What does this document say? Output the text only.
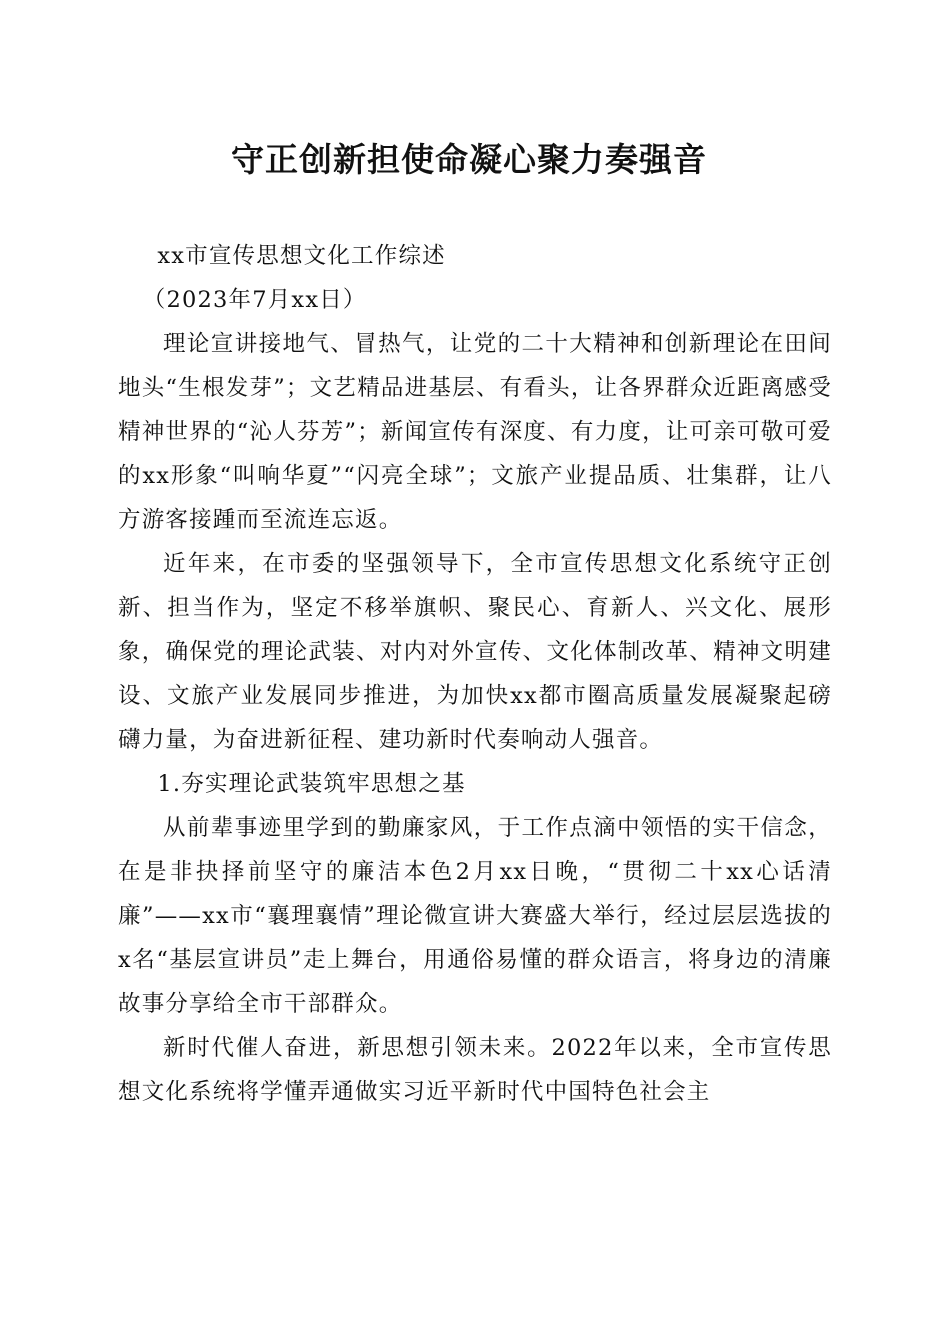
守正创新担使命凝心聚力奏强音

xx市宣传思想文化工作综述

（2023年7月xx日）

理论宣讲接地气、冒热气，让党的二十大精神和创新理论在田间地头“生根发芽”；文艺精品进基层、有看头，让各界群众近距离感受精神世界的“沁人芬芳”；新闻宣传有深度、有力度，让可亲可敬可爱的xx形象“叫响华夏”“闪亮全球”；文旅产业提品质、壮集群，让八方游客接踵而至流连忘返。

近年来，在市委的坚强领导下，全市宣传思想文化系统守正创新、担当作为，坚定不移举旗帜、聚民心、育新人、兴文化、展形象，确保党的理论武装、对内对外宣传、文化体制改革、精神文明建设、文旅产业发展同步推进，为加快xx都市圈高质量发展凝聚起磅礴力量，为奋进新征程、建功新时代奏响动人强音。

1.夯实理论武装筑牢思想之基

从前辈事迹里学到的勤廉家风，于工作点滴中领悟的实干信念，在是非抉择前坚守的廉洁本色2月xx日晚，“贯彻二十xx心话清廉”——xx市“襄理襄情”理论微宣讲大赛盛大举行，经过层层选拔的x名“基层宣讲员”走上舞台，用通俗易懂的群众语言，将身边的清廉故事分享给全市干部群众。

新时代催人奋进，新思想引领未来。2022年以来，全市宣传思想文化系统将学懂弄通做实习近平新时代中国特色社会主
